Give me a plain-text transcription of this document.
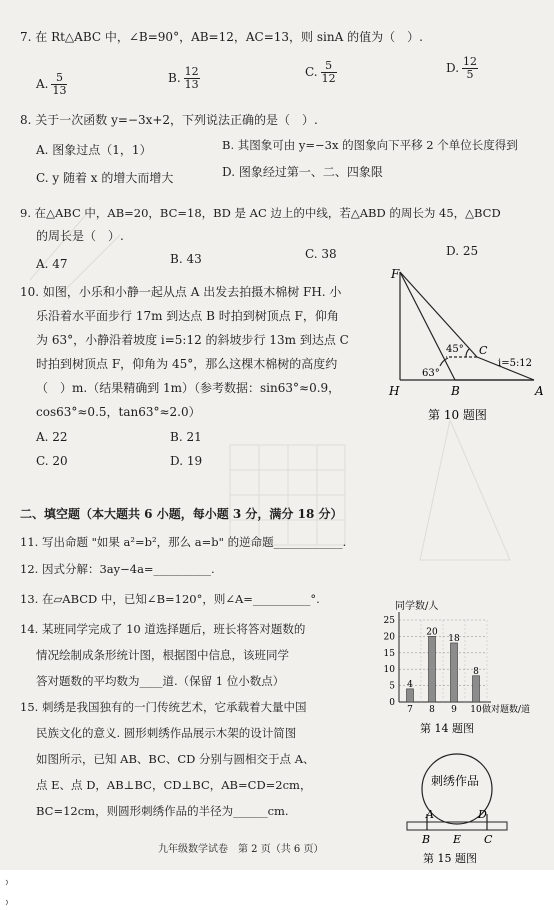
7. 在 Rt△ABC 中，∠B=90°，AB=12，AC=13，则 sinA 的值为（　）.
A. $\frac{5}{13}$	B. $\frac{12}{13}$	C. $\frac{5}{12}$	D. $\frac{12}{5}$
8. 关于一次函数 y=−3x+2，下列说法正确的是（　）.
A. 图象过点（1，1）	B. 其图象可由 y=−3x 的图象向下平移 2 个单位长度得到
C. y 随着 x 的增大而增大	D. 图象经过第一、二、四象限
9. 在△ABC 中，AB=20，BC=18，BD 是 AC 边上的中线，若△ABD 的周长为 45，△BCD
的周长是（　）.
A. 47	B. 43	C. 38	D. 25
10. 如图，小乐和小静一起从点 A 出发去拍摄木棉树 FH. 小
乐沿着水平面步行 17m 到达点 B 时拍到树顶点 F，仰角
为 63°，小静沿着坡度 i=5:12 的斜坡步行 13m 到达点 C
时拍到树顶点 F，仰角为 45°，那么这棵木棉树的高度约
（　）m.（结果精确到 1m）（参考数据：sin63°≈0.9，
cos63°≈0.5，tan63°≈2.0）
A. 22	B. 21
C. 20	D. 19
F
H	B	A
C
45°
63°
i=5:12
第 10 题图
二、填空题（本大题共 6 小题，每小题 3 分，满分 18 分）
11. 写出命题 "如果 a²=b²，那么 a=b" 的逆命题____________.
12. 因式分解：3ay−4a=__________.
13. 在▱ABCD 中，已知∠B=120°，则∠A=__________°.
14. 某班同学完成了 10 道选择题后，班长将答对题数的
情况绘制成条形统计图，根据图中信息，该班同学
答对题数的平均数为____道.（保留 1 位小数点）
15. 刺绣是我国独有的一门传统艺术，它承载着大量中国
民族文化的意义. 圆形刺绣作品展示木架的设计简图
如图所示，已知 AB、BC、CD 分别与圆相交于点 A、
点 E、点 D，AB⊥BC，CD⊥BC，AB=CD=2cm，
BC=12cm，则圆形刺绣作品的半径为______cm.
同学数/人
做对题数/道
第 14 题图
0
5
10
15
20
25
4
7
20
8
18
9
8
10
刺绣作品
A	D
B E C
第 15 题图
九年级数学试卷　第 2 页（共 6 页）
